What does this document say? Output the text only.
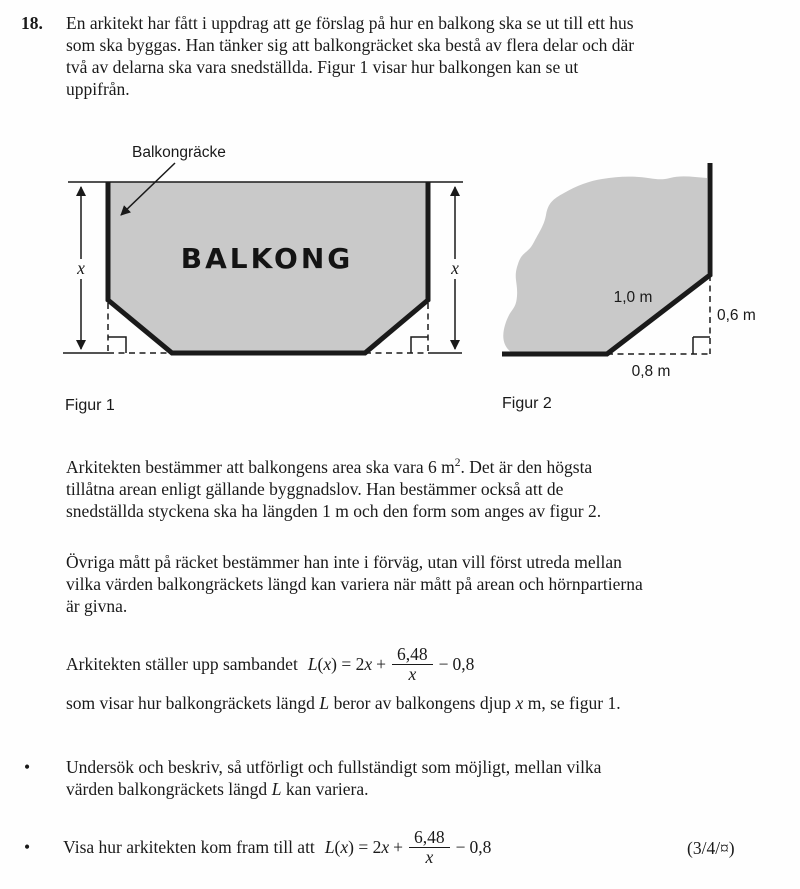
18. En arkitekt har fått i uppdrag att ge förslag på hur en balkong ska se ut till ett hus
som ska byggas. Han tänker sig att balkongräcket ska bestå av flera delar och där
två av delarna ska vara snedställda. Figur 1 visar hur balkongen kan se ut
uppifrån.
x	x
Balkongräcke
BALKONG
Figur 1
1,0 m
0,6 m
0,8 m
Figur 2
Arkitekten bestämmer att balkongens area ska vara 6 $m^2$. Det är den högsta
tillåtna arean enligt gällande byggnadslov. Han bestämmer också att de
snedställda styckena ska ha längden 1 m och den form som anges av figur 2.
Övriga mått på räcket bestämmer han inte i förväg, utan vill först utreda mellan
vilka värden balkongräckets längd kan variera när mått på arean och hörnpartierna
är givna.
Arkitekten ställer upp sambandet L ( x ) = 2 $x + \frac{6,48}{x} - 0,8$
som visar hur balkongräckets längd L beror av balkongens djup x m, se figur 1.
• Undersök och beskriv, så utförligt och fullständigt som möjligt, mellan vilka
värden balkongräckets längd L kan variera.
• Visa hur arkitekten kom fram till att L ( x ) = 2 $x + \frac{6,48}{x} - 0,8$	(3/4/¤)
